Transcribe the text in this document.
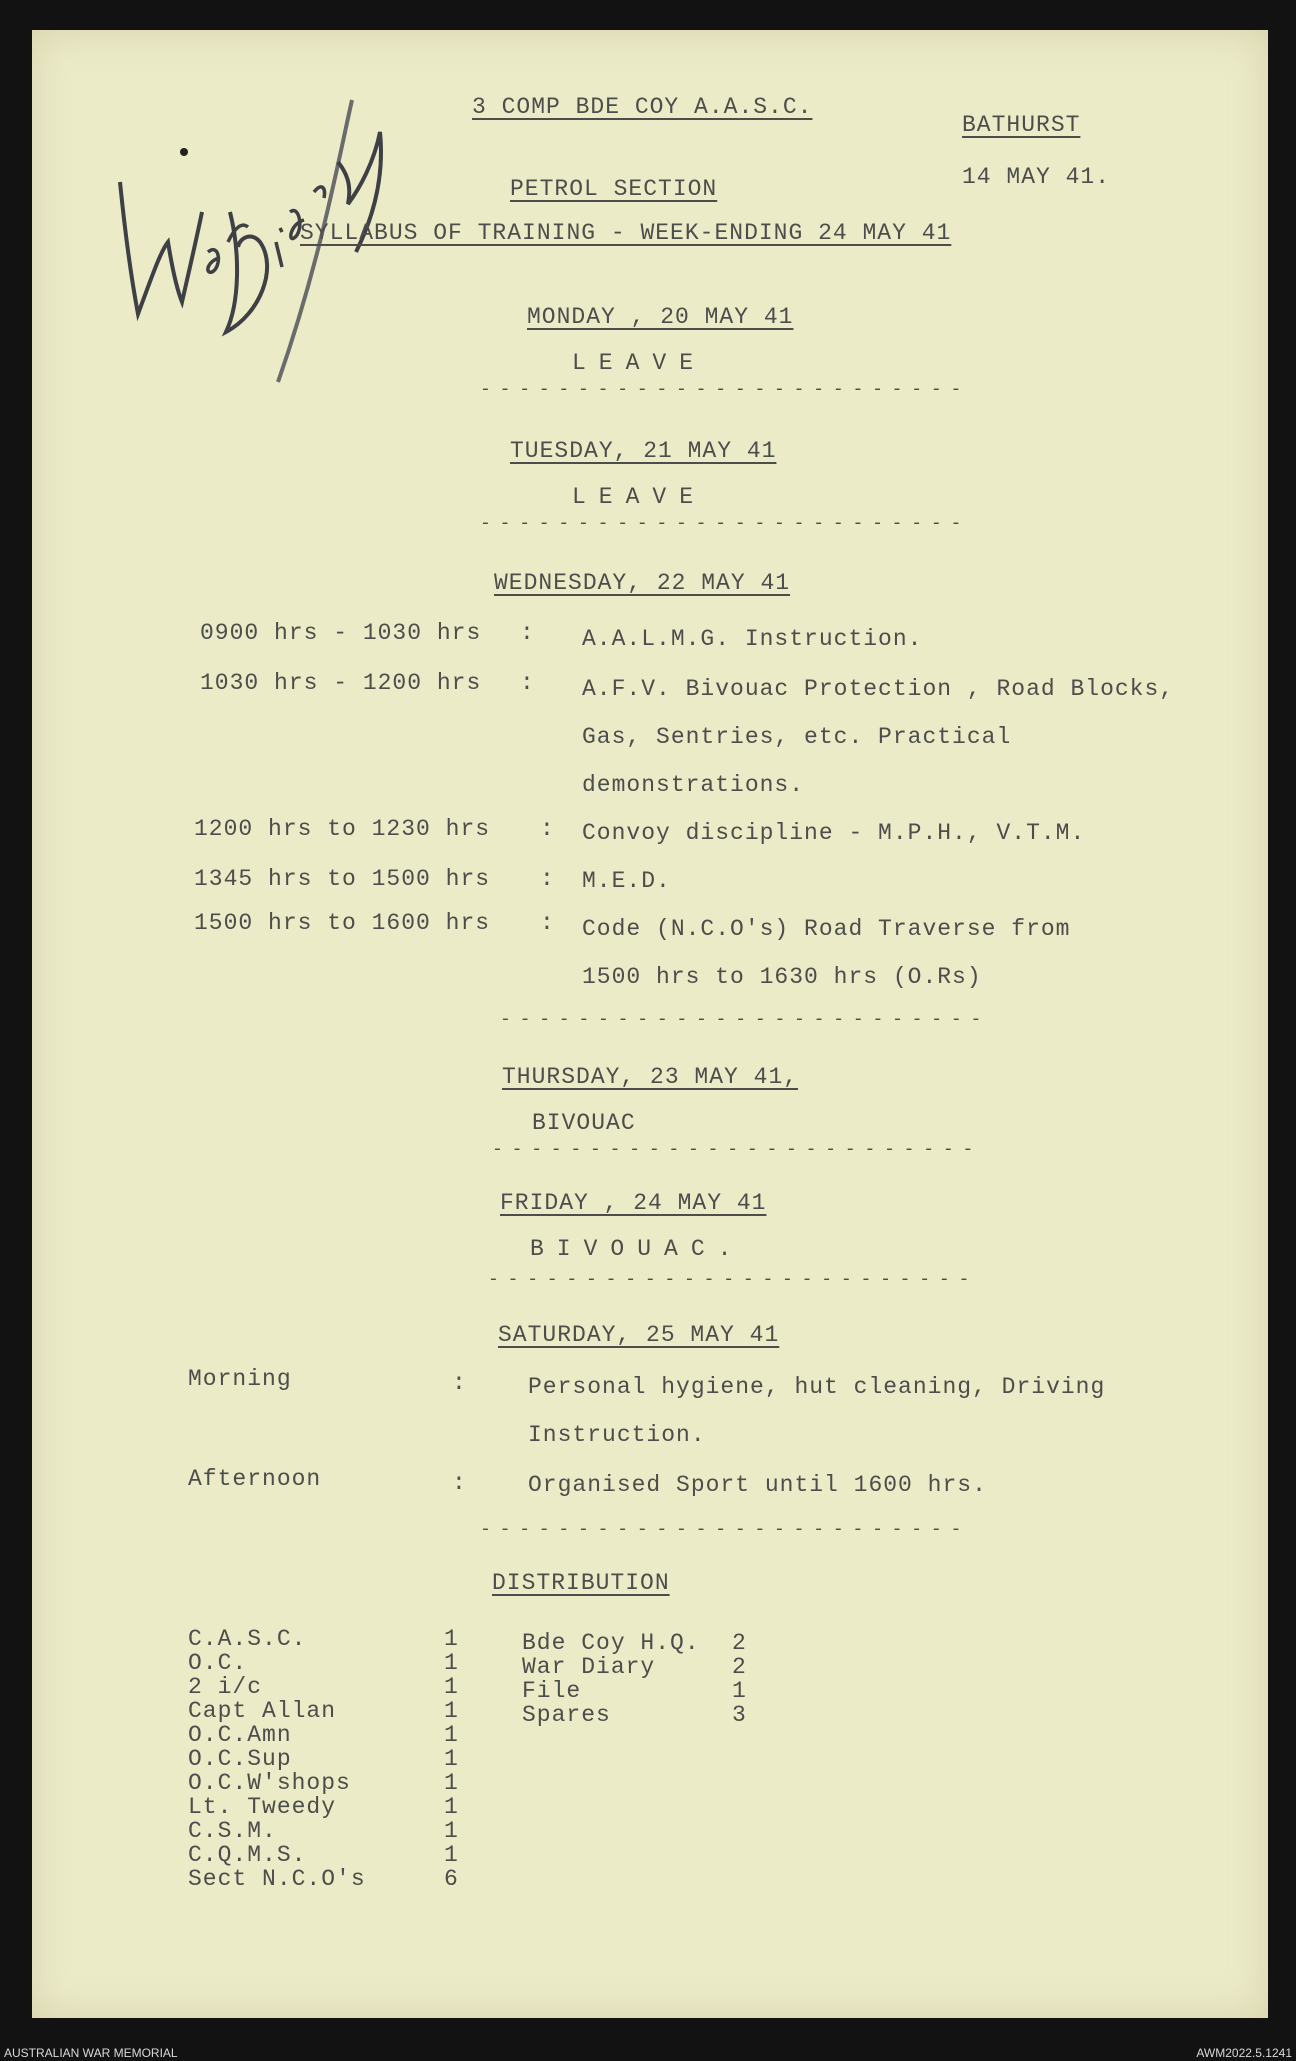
3 COMP BDE COY A.A.S.C.
PETROL SECTION
SYLLABUS OF TRAINING - WEEK-ENDING 24 MAY 41
BATHURST
14 MAY 41.
MONDAY , 20 MAY 41
LEAVE
- - - - - - - - - - - - - - - - - - - - - - - - -
TUESDAY, 21 MAY 41
LEAVE
- - - - - - - - - - - - - - - - - - - - - - - - -
WEDNESDAY, 22 MAY 41
0900 hrs - 1030 hrs : A.A.L.M.G. Instruction.
1030 hrs - 1200 hrs : A.F.V. Bivouac Protection , Road Blocks,
Gas, Sentries, etc. Practical
demonstrations.
1200 hrs to 1230 hrs : Convoy discipline - M.P.H., V.T.M.
1345 hrs to 1500 hrs : M.E.D.
1500 hrs to 1600 hrs : Code (N.C.O's) Road Traverse from
1500 hrs to 1630 hrs (O.Rs)
- - - - - - - - - - - - - - - - - - - - - - - - -
THURSDAY, 23 MAY 41,
BIVOUAC
- - - - - - - - - - - - - - - - - - - - - - - - -
FRIDAY , 24 MAY 41
BIVOUAC.
- - - - - - - - - - - - - - - - - - - - - - - - -
SATURDAY, 25 MAY 41
Morning	:	Personal hygiene, hut cleaning, Driving
Instruction.
Afternoon	:	Organised Sport until 1600 hrs.
- - - - - - - - - - - - - - - - - - - - - - - - -
DISTRIBUTION
C.A.S.C.	1
O.C.	1
2 i/c	1
Capt Allan	1
O.C.Amn	1
O.C.Sup	1
O.C.W'shops	1
Lt. Tweedy	1
C.S.M.	1
C.Q.M.S.	1
Sect N.C.O's	6
Bde Coy H.Q. 2
War Diary	2
File	1
Spares	3
AUSTRALIAN WAR MEMORIAL	AWM2022.5.1241
